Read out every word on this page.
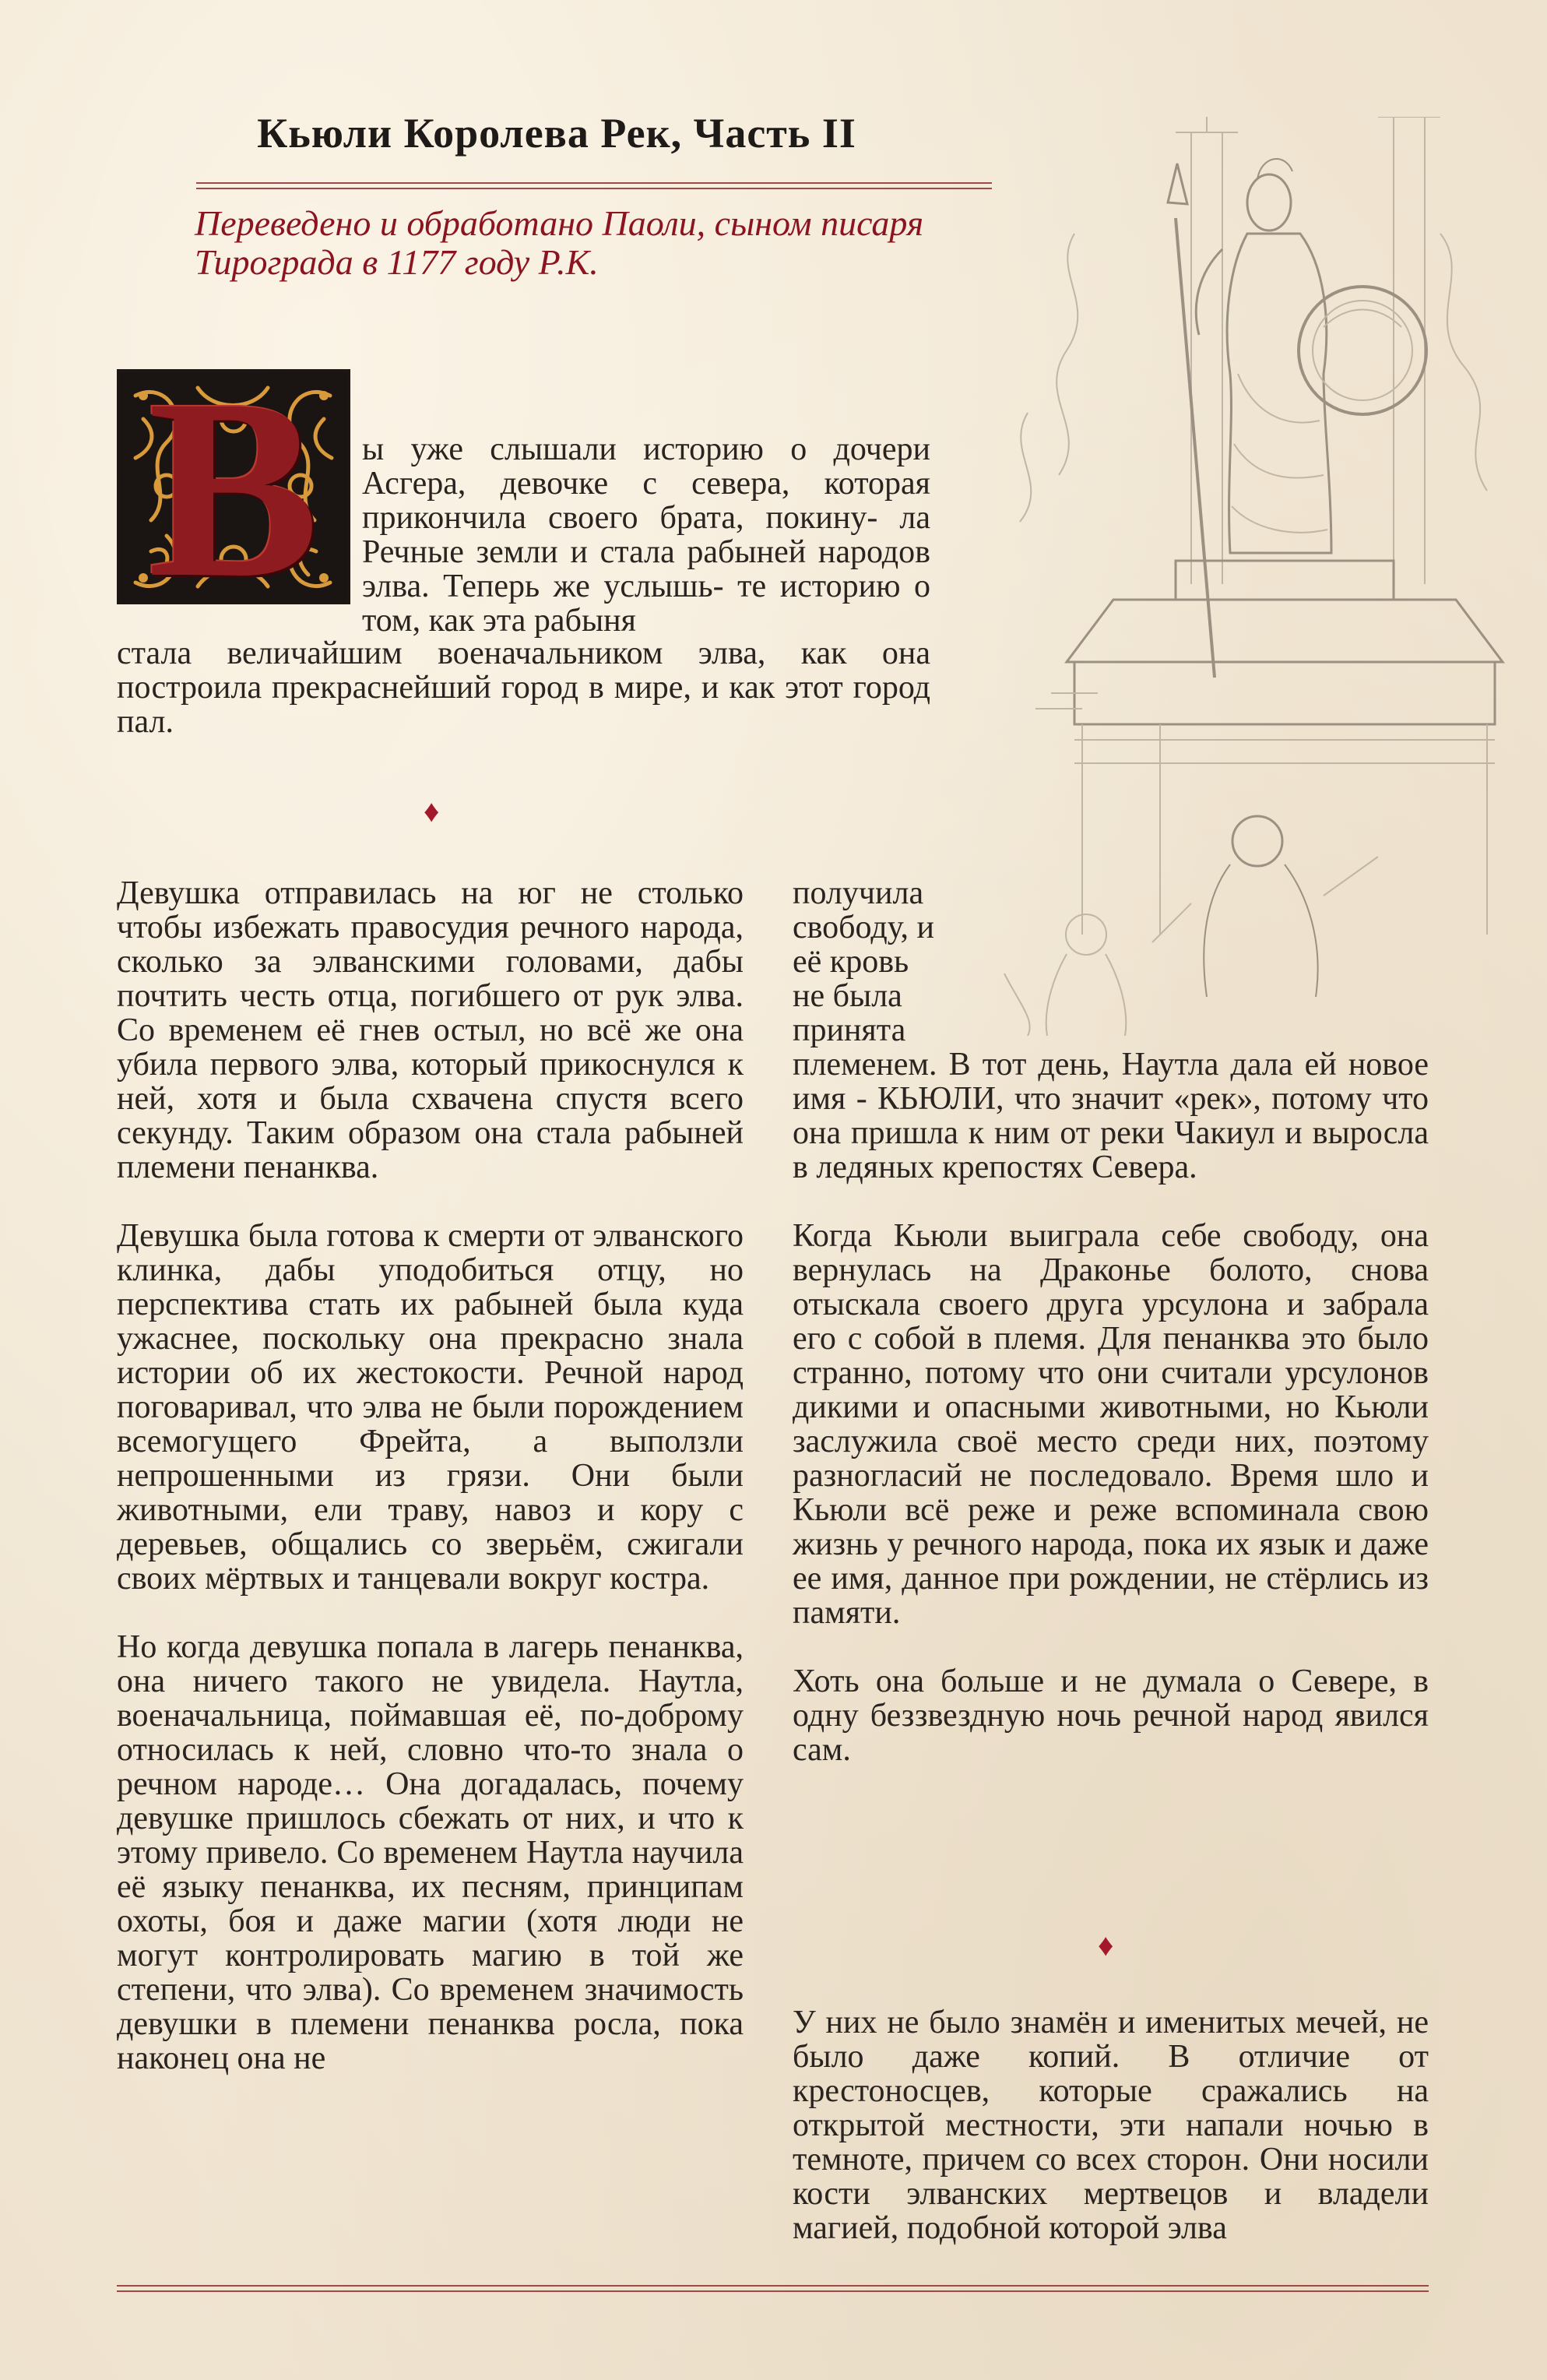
Кьюли Королева Рек, Часть II

Переведено и обработано Паоли, сыном писаря Тирограда в 1177 году Р.К.

В	ы уже слышали историю о дочери Асгера, девочке с севера, которая прикончила своего брата, покину- ла Речные земли и стала рабыней народов элва. Теперь же услышь- те историю о том, как эта рабыня

стала величайшим военачальником элва, как она построила прекраснейший город в мире, и как этот город пал.

♦

Девушка отправилась на юг не столько чтобы избежать правосудия речного народа, сколько за элванскими головами, дабы почтить честь отца, погибшего от рук элва. Со временем её гнев остыл, но всё же она убила первого элва, который прикоснулся к ней, хотя и была схвачена спустя всего секунду. Таким образом она стала рабыней племени пенанква.

Девушка была готова к смерти от элванского клинка, дабы уподобиться отцу, но перспектива стать их рабыней была куда ужаснее, поскольку она прекрасно знала истории об их жестокости. Речной народ поговаривал, что элва не были порождением всемогущего Фрейта, а выползли непрошенными из грязи. Они были животными, ели траву, навоз и кору с деревьев, общались со зверьём, сжигали своих мёртвых и танцевали вокруг костра.

Но когда девушка попала в лагерь пенанква, она ничего такого не увидела. Наутла, военачальница, поймавшая её, по-доброму относилась к ней, словно что-то знала о речном народе… Она догадалась, почему девушке пришлось сбежать от них, и что к этому привело. Со временем Наутла научила её языку пенанква, их песням, принципам охоты, боя и даже магии (хотя люди не могут контролировать магию в той же степени, что элва). Со временем значимость девушки в племени пенанква росла, пока наконец она не

получила свободу, и её кровь не была принята

племенем. В тот день, Наутла дала ей новое имя - КЬЮЛИ, что значит «рек», потому что она пришла к ним от реки Чакиул и выросла в ледяных крепостях Севера.

Когда Кьюли выиграла себе свободу, она вернулась на Драконье болото, снова отыскала своего друга урсулона и забрала его с собой в племя. Для пенанква это было странно, потому что они считали урсулонов дикими и опасными животными, но Кьюли заслужила своё место среди них, поэтому разногласий не последовало. Время шло и Кьюли всё реже и реже вспоминала свою жизнь у речного народа, пока их язык и даже ее имя, данное при рождении, не стёрлись из памяти.

Хоть она больше и не думала о Севере, в одну беззвездную ночь речной народ явился сам.

♦

У них не было знамён и именитых мечей, не было даже копий. В отличие от крестоносцев, которые сражались на открытой местности, эти напали ночью в темноте, причем со всех сторон. Они носили кости элванских мертвецов и владели магией, подобной которой элва
